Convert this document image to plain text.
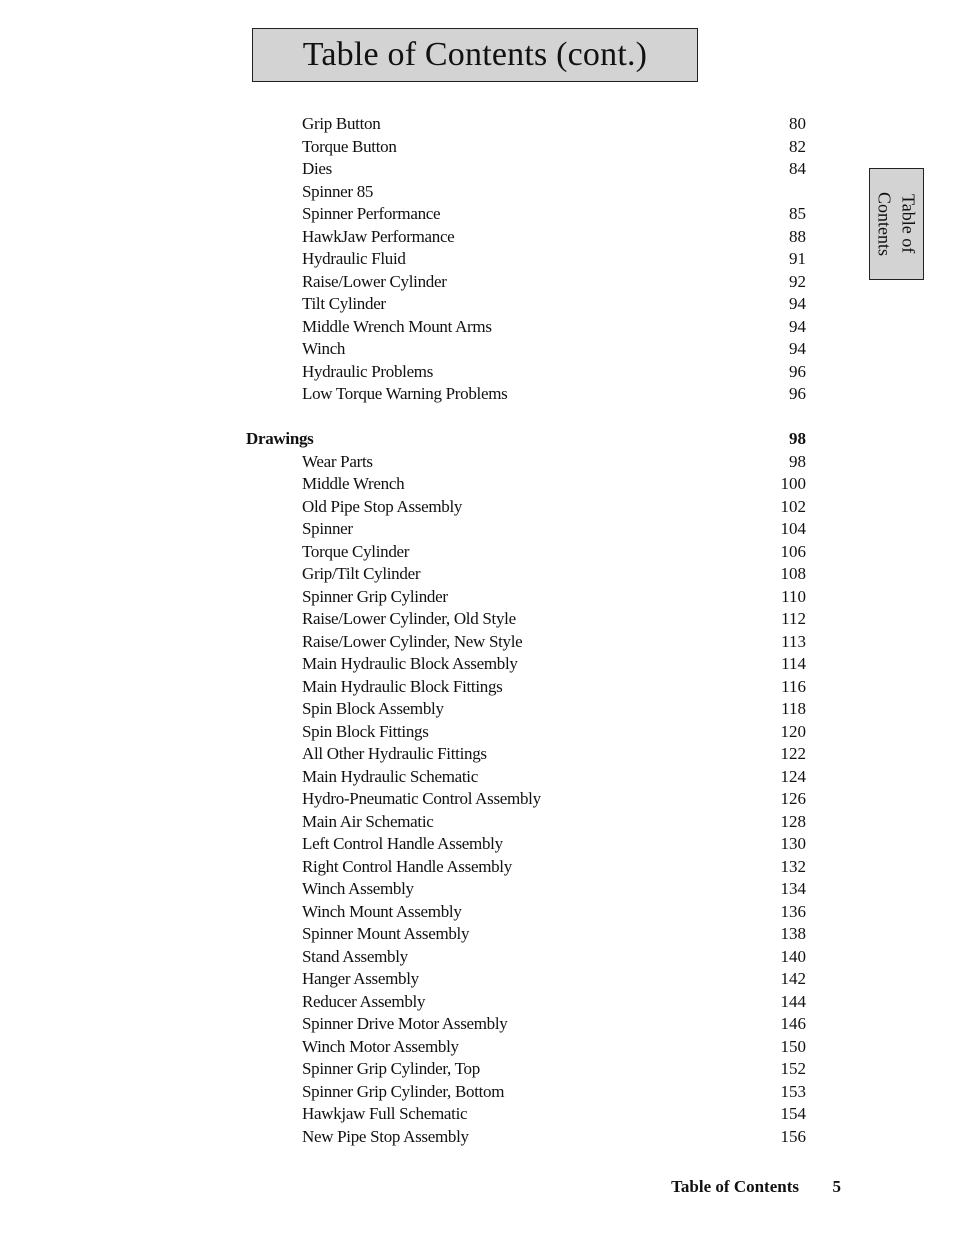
Table of Contents (cont.)
Table of
Contents
Grip Button	80
Torque Button	82
Dies	84
Spinner 85
Spinner Performance	85
HawkJaw Performance	88
Hydraulic Fluid	91
Raise/Lower Cylinder	92
Tilt Cylinder	94
Middle Wrench Mount Arms	94
Winch	94
Hydraulic Problems	96
Low Torque Warning Problems	96
Drawings	98
Wear Parts	98
Middle Wrench	100
Old Pipe Stop Assembly	102
Spinner	104
Torque Cylinder	106
Grip/Tilt Cylinder	108
Spinner Grip Cylinder	110
Raise/Lower Cylinder, Old Style	112
Raise/Lower Cylinder, New Style	113
Main Hydraulic Block Assembly	114
Main Hydraulic Block Fittings	116
Spin Block Assembly	118
Spin Block Fittings	120
All Other Hydraulic Fittings	122
Main Hydraulic Schematic	124
Hydro-Pneumatic Control Assembly	126
Main Air Schematic	128
Left Control Handle Assembly	130
Right Control Handle Assembly	132
Winch Assembly	134
Winch Mount Assembly	136
Spinner Mount Assembly	138
Stand Assembly	140
Hanger Assembly	142
Reducer Assembly	144
Spinner Drive Motor Assembly	146
Winch Motor Assembly	150
Spinner Grip Cylinder, Top	152
Spinner Grip Cylinder, Bottom	153
Hawkjaw Full Schematic	154
New Pipe Stop Assembly	156
Table of Contents 5
